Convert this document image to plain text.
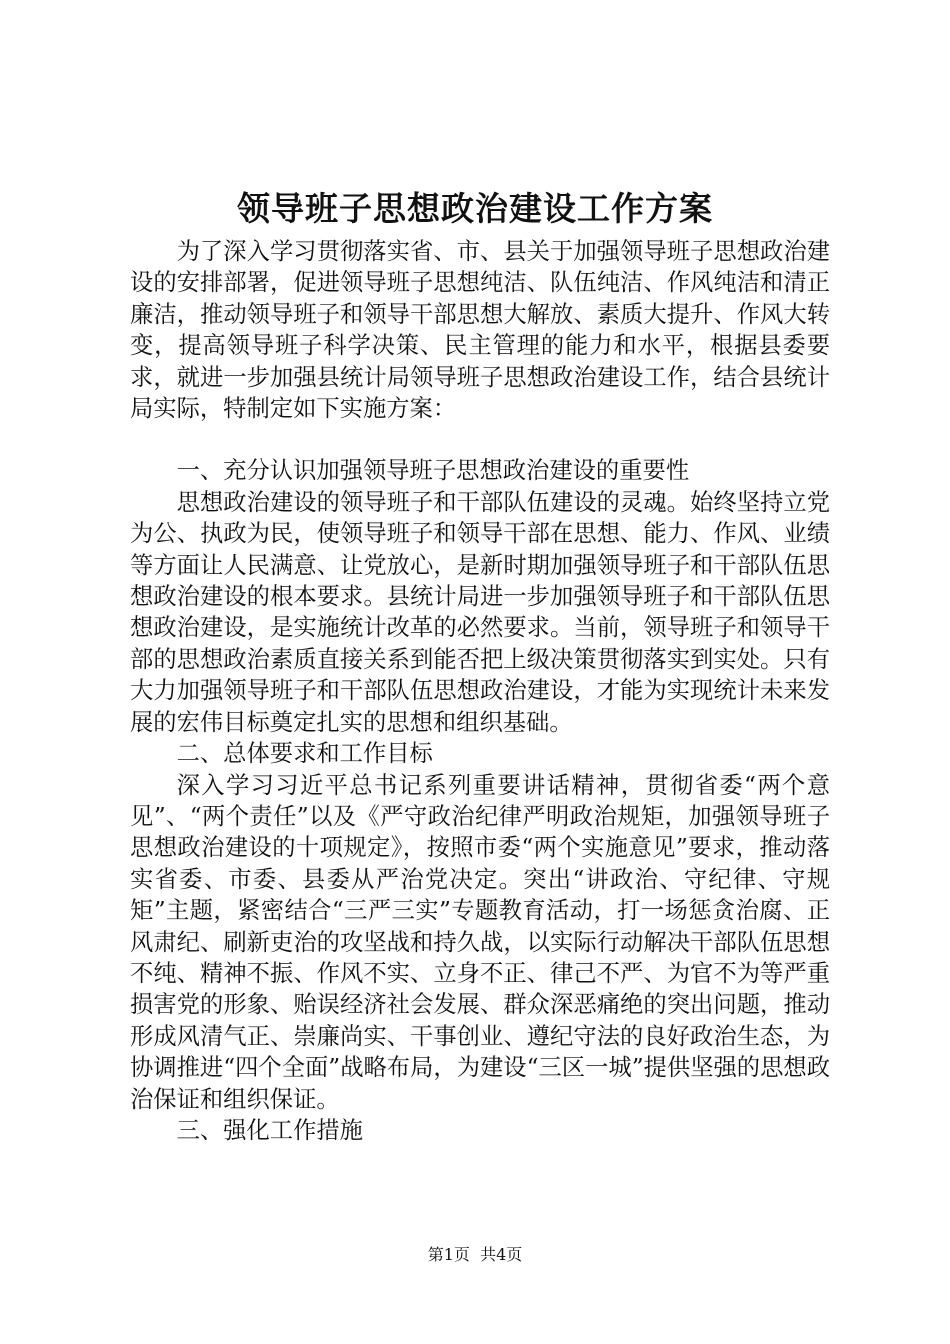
领导班子思想政治建设工作方案

为了深入学习贯彻落实省、市、县关于加强领导班子思想政治建设的安排部署，促进领导班子思想纯洁、队伍纯洁、作风纯洁和清正廉洁，推动领导班子和领导干部思想大解放、素质大提升、作风大转变，提高领导班子科学决策、民主管理的能力和水平，根据县委要求，就进一步加强县统计局领导班子思想政治建设工作，结合县统计局实际，特制定如下实施方案：

一、充分认识加强领导班子思想政治建设的重要性

思想政治建设的领导班子和干部队伍建设的灵魂。始终坚持立党为公、执政为民，使领导班子和领导干部在思想、能力、作风、业绩等方面让人民满意、让党放心，是新时期加强领导班子和干部队伍思想政治建设的根本要求。县统计局进一步加强领导班子和干部队伍思想政治建设，是实施统计改革的必然要求。当前，领导班子和领导干部的思想政治素质直接关系到能否把上级决策贯彻落实到实处。只有大力加强领导班子和干部队伍思想政治建设，才能为实现统计未来发展的宏伟目标奠定扎实的思想和组织基础。

二、总体要求和工作目标

深入学习习近平总书记系列重要讲话精神，贯彻省委“两个意见”、“两个责任”以及《严守政治纪律严明政治规矩，加强领导班子思想政治建设的十项规定》，按照市委“两个实施意见”要求，推动落实省委、市委、县委从严治党决定。突出“讲政治、守纪律、守规矩”主题，紧密结合“三严三实”专题教育活动，打一场惩贪治腐、正风肃纪、刷新吏治的攻坚战和持久战，以实际行动解决干部队伍思想不纯、精神不振、作风不实、立身不正、律己不严、为官不为等严重损害党的形象、贻误经济社会发展、群众深恶痛绝的突出问题，推动形成风清气正、崇廉尚实、干事创业、遵纪守法的良好政治生态，为协调推进“四个全面”战略布局，为建设“三区一城”提供坚强的思想政治保证和组织保证。

三、强化工作措施

第1页  共4页
